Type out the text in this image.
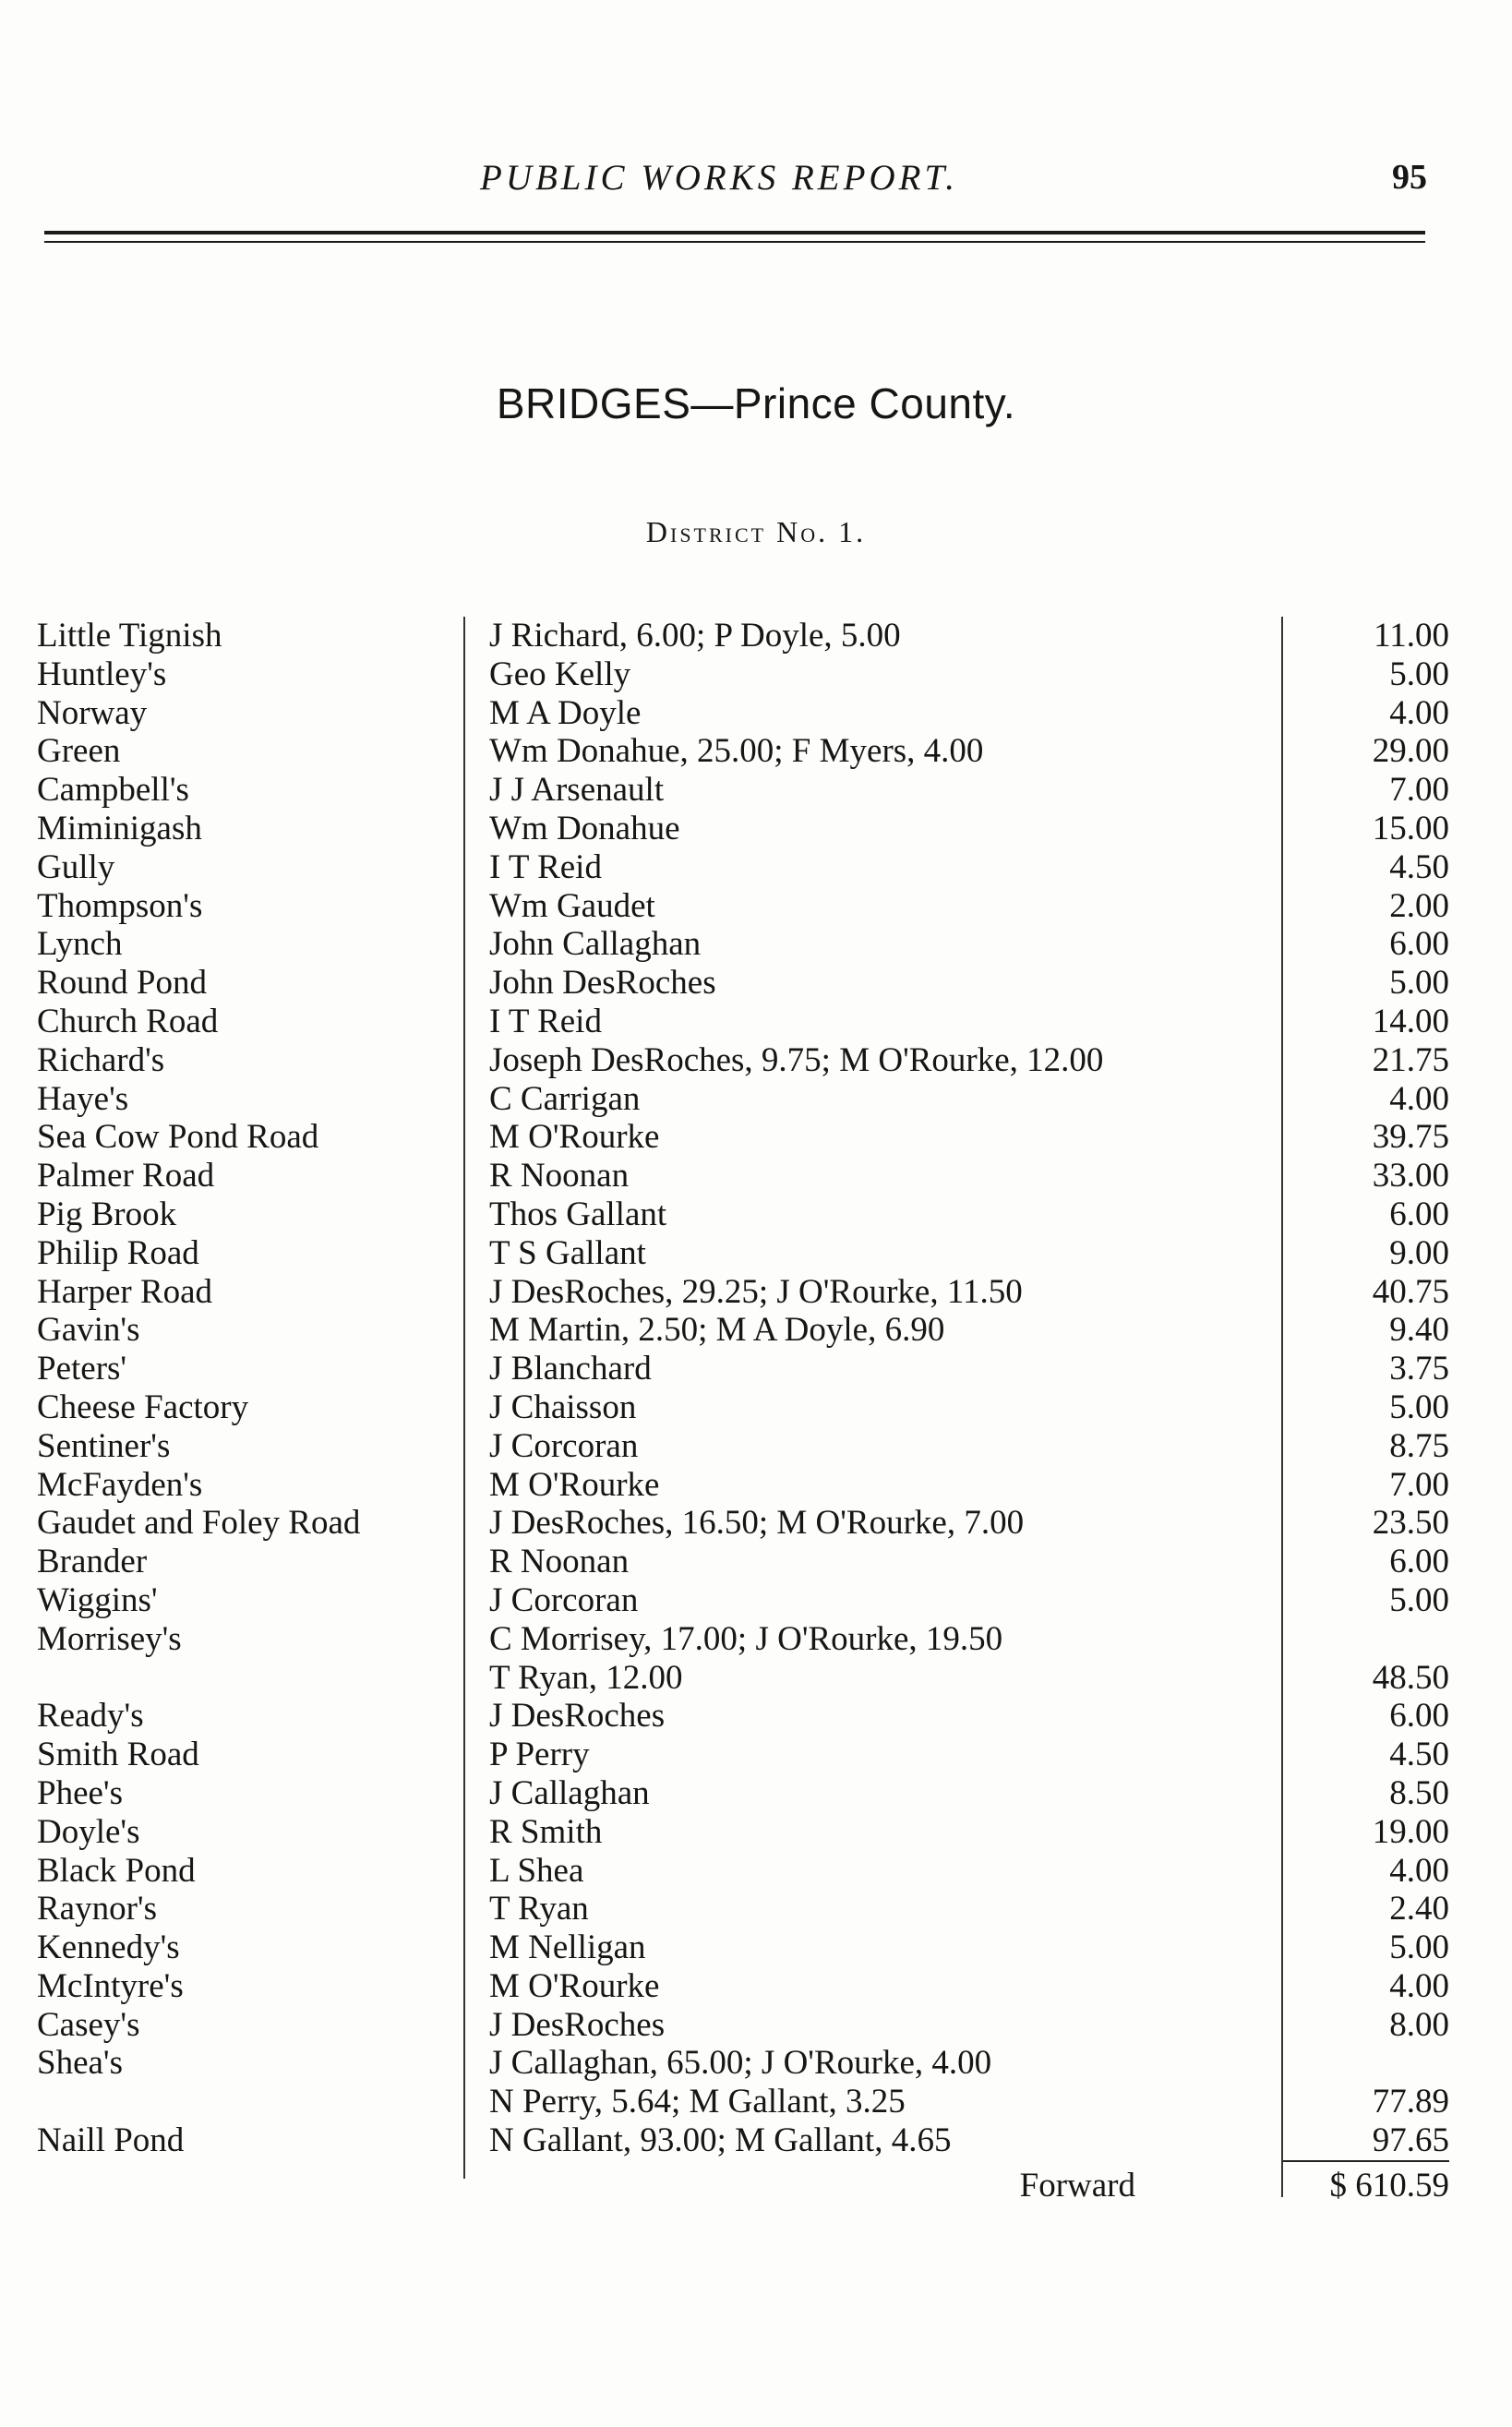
PUBLIC WORKS REPORT.	95
BRIDGES—Prince County.
District No. 1.
Little Tignish	J Richard, 6.00; P Doyle, 5.00	11.00
Huntley's	Geo Kelly	5.00
Norway	M A Doyle	4.00
Green	Wm Donahue, 25.00; F Myers, 4.00	29.00
Campbell's	J J Arsenault	7.00
Miminigash	Wm Donahue	15.00
Gully	I T Reid	4.50
Thompson's	Wm Gaudet	2.00
Lynch	John Callaghan	6.00
Round Pond	John DesRoches	5.00
Church Road	I T Reid	14.00
Richard's	Joseph DesRoches, 9.75; M O'Rourke, 12.00	21.75
Haye's	C Carrigan	4.00
Sea Cow Pond Road	M O'Rourke	39.75
Palmer Road	R Noonan	33.00
Pig Brook	Thos Gallant	6.00
Philip Road	T S Gallant	9.00
Harper Road	J DesRoches, 29.25; J O'Rourke, 11.50	40.75
Gavin's	M Martin, 2.50; M A Doyle, 6.90	9.40
Peters'	J Blanchard	3.75
Cheese Factory	J Chaisson	5.00
Sentiner's	J Corcoran	8.75
McFayden's	M O'Rourke	7.00
Gaudet and Foley Road	J DesRoches, 16.50; M O'Rourke, 7.00	23.50
Brander	R Noonan	6.00
Wiggins'	J Corcoran	5.00
Morrisey's	C Morrisey, 17.00; J O'Rourke, 19.50
T Ryan, 12.00	48.50
Ready's	J DesRoches	6.00
Smith Road	P Perry	4.50
Phee's	J Callaghan	8.50
Doyle's	R Smith	19.00
Black Pond	L Shea	4.00
Raynor's	T Ryan	2.40
Kennedy's	M Nelligan	5.00
McIntyre's	M O'Rourke	4.00
Casey's	J DesRoches	8.00
Shea's	J Callaghan, 65.00; J O'Rourke, 4.00
N Perry, 5.64; M Gallant, 3.25	77.89
Naill Pond	N Gallant, 93.00; M Gallant, 4.65	97.65
Forward	$ 610.59
